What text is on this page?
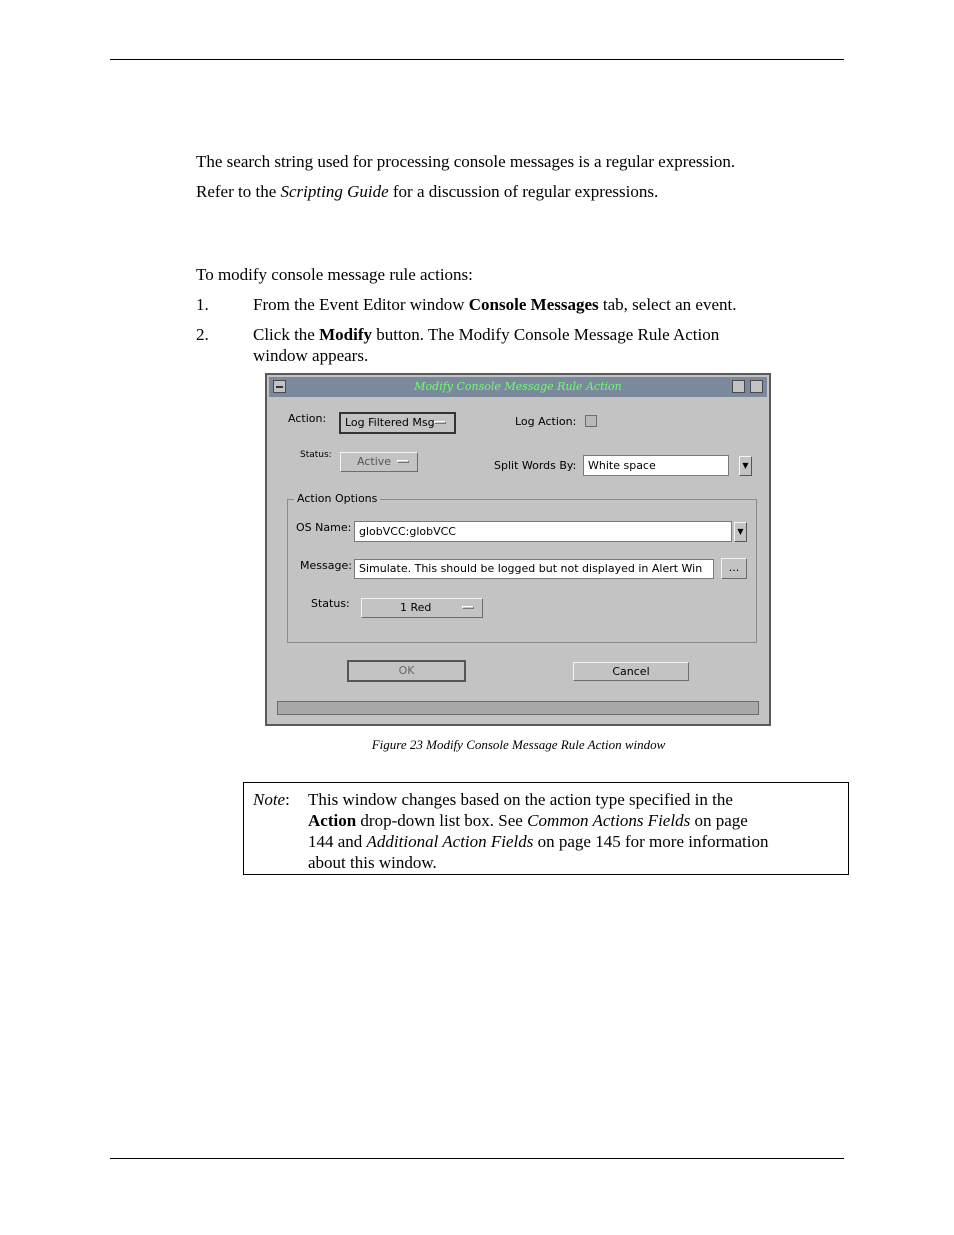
The search string used for processing console messages is a regular expression.
Refer to the Scripting Guide for a discussion of regular expressions.
To modify console message rule actions:
1.	From the Event Editor window Console Messages tab, select an event.
2.	Click the Modify button. The Modify Console Message Rule Action
window appears.
Modify Console Message Rule Action
Action:	Log Filtered Msg	Log Action:
Status:	Active	Split Words By:	White space	▼
Action Options
OS Name: globVCC:globVCC	▼
Message: Simulate. This should be logged but not displayed in Alert Win	...
Status:	1 Red
OK	Cancel
Figure 23 Modify Console Message Rule Action window
Note: This window changes based on the action type specified in the
Action drop-down list box. See Common Actions Fields on page
144 and Additional Action Fields on page 145 for more information
about this window.
